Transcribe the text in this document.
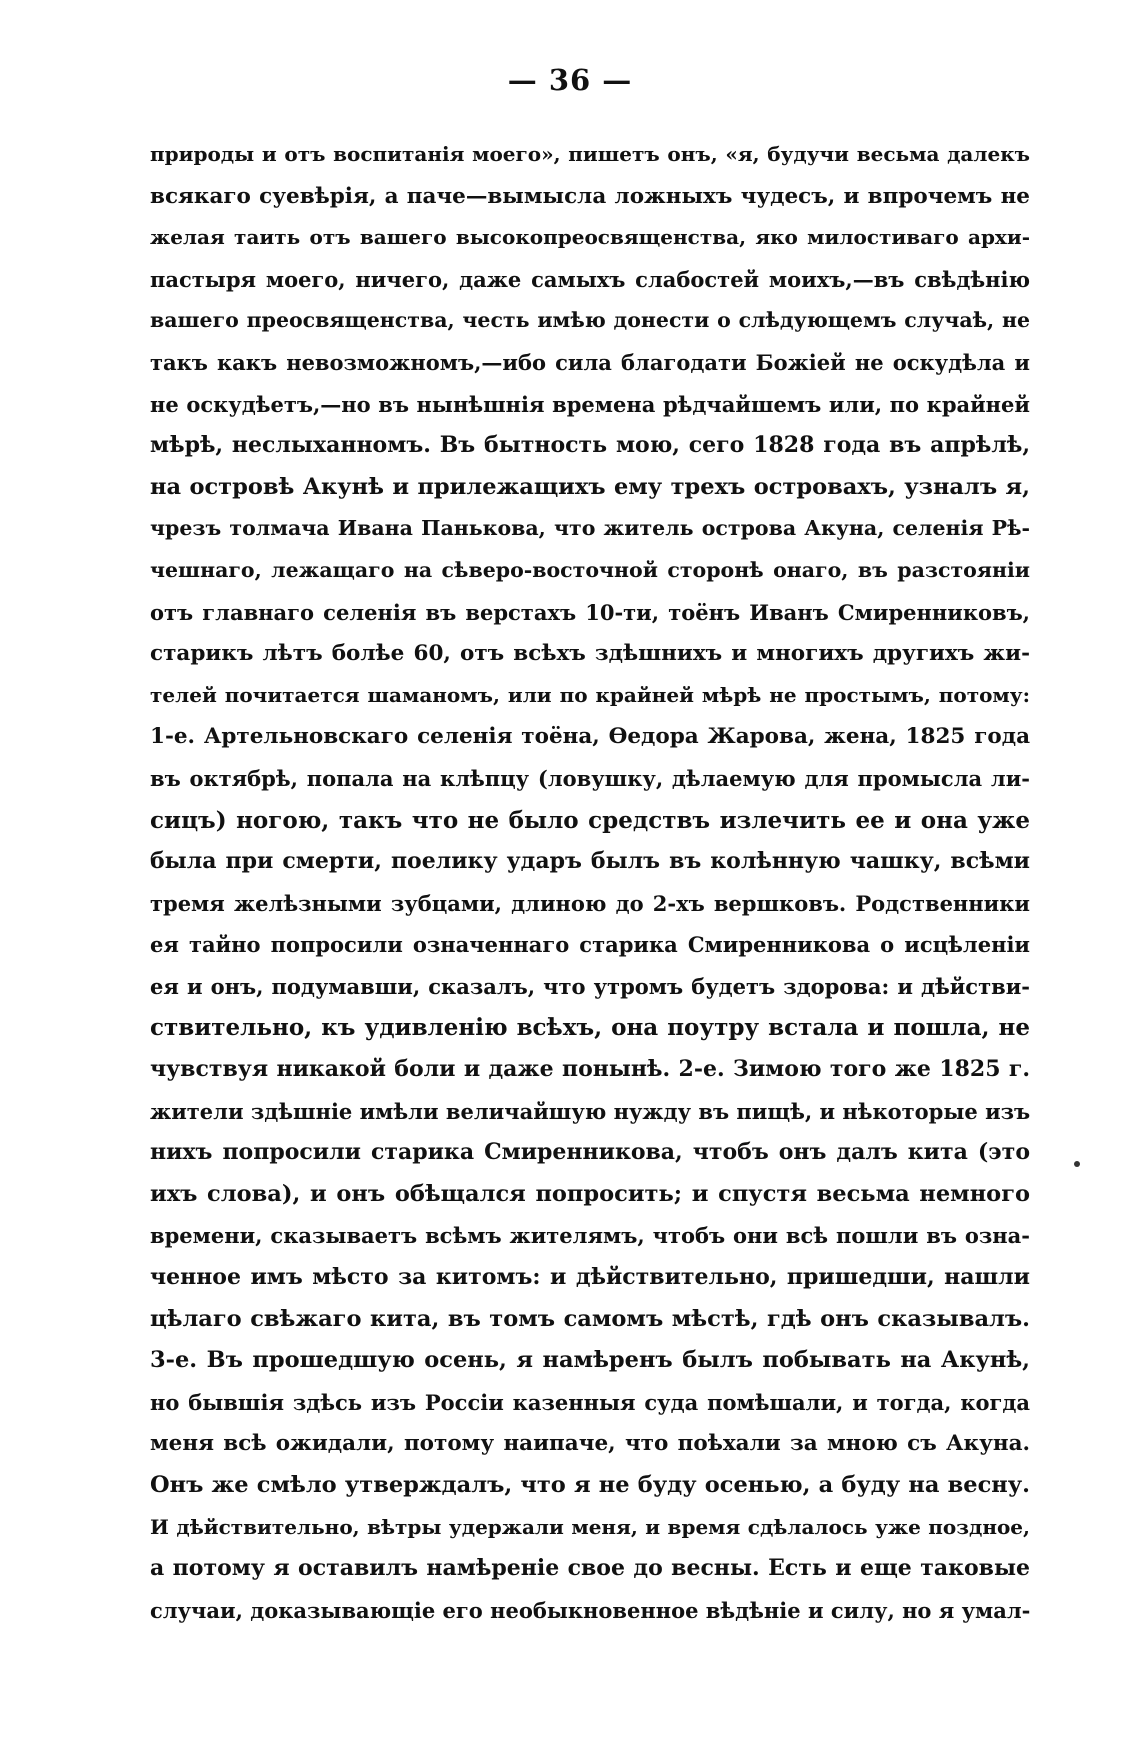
— 36 —
природы и отъ воспитанія моего», пишетъ онъ, «я, будучи весьма далекъ
всякаго суевѣрія, а паче—вымысла ложныхъ чудесъ, и впрочемъ не
желая таить отъ вашего высокопреосвященства, яко милостиваго архи-
пастыря моего, ничего, даже самыхъ слабостей моихъ,—въ свѣдѣнію
вашего преосвященства, честь имѣю донести о слѣдующемъ случаѣ, не
такъ какъ невозможномъ,—ибо сила благодати Божіей не оскудѣла и
не оскудѣетъ,—но въ нынѣшнія времена рѣдчайшемъ или, по крайней
мѣрѣ, неслыханномъ. Въ бытность мою, сего 1828 года въ апрѣлѣ,
на островѣ Акунѣ и прилежащихъ ему трехъ островахъ, узналъ я,
чрезъ толмача Ивана Панькова, что житель острова Акуна, селенія Рѣ-
чешнаго, лежащаго на сѣверо-восточной сторонѣ онаго, въ разстояніи
отъ главнаго селенія въ верстахъ 10-ти, тоёнъ Иванъ Смиренниковъ,
старикъ лѣтъ болѣе 60, отъ всѣхъ здѣшнихъ и многихъ другихъ жи-
телей почитается шаманомъ, или по крайней мѣрѣ не простымъ, потому:
1-е. Артельновскаго селенія тоёна, Ѳедора Жарова, жена, 1825 года
въ октябрѣ, попала на клѣпцу (ловушку, дѣлаемую для промысла ли-
сицъ) ногою, такъ что не было средствъ излечить ее и она уже
была при смерти, поелику ударъ былъ въ колѣнную чашку, всѣми
тремя желѣзными зубцами, длиною до 2-хъ вершковъ. Родственники
ея тайно попросили означеннаго старика Смиренникова о исцѣленіи
ея и онъ, подумавши, сказалъ, что утромъ будетъ здорова: и дѣйстви-
ствительно, къ удивленію всѣхъ, она поутру встала и пошла, не
чувствуя никакой боли и даже понынѣ. 2-е. Зимою того же 1825 г.
жители здѣшніе имѣли величайшую нужду въ пищѣ, и нѣкоторые изъ
нихъ попросили старика Смиренникова, чтобъ онъ далъ кита (это
ихъ слова), и онъ обѣщался попросить; и спустя весьма немного
времени, сказываетъ всѣмъ жителямъ, чтобъ они всѣ пошли въ озна-
ченное имъ мѣсто за китомъ: и дѣйствительно, пришедши, нашли
цѣлаго свѣжаго кита, въ томъ самомъ мѣстѣ, гдѣ онъ сказывалъ.
3-е. Въ прошедшую осень, я намѣренъ былъ побывать на Акунѣ,
но бывшія здѣсь изъ Россіи казенныя суда помѣшали, и тогда, когда
меня всѣ ожидали, потому наипаче, что поѣхали за мною съ Акуна.
Онъ же смѣло утверждалъ, что я не буду осенью, а буду на весну.
И дѣйствительно, вѣтры удержали меня, и время сдѣлалось уже поздное,
а потому я оставилъ намѣреніе свое до весны. Есть и еще таковые
случаи, доказывающіе его необыкновенное вѣдѣніе и силу, но я умал-
